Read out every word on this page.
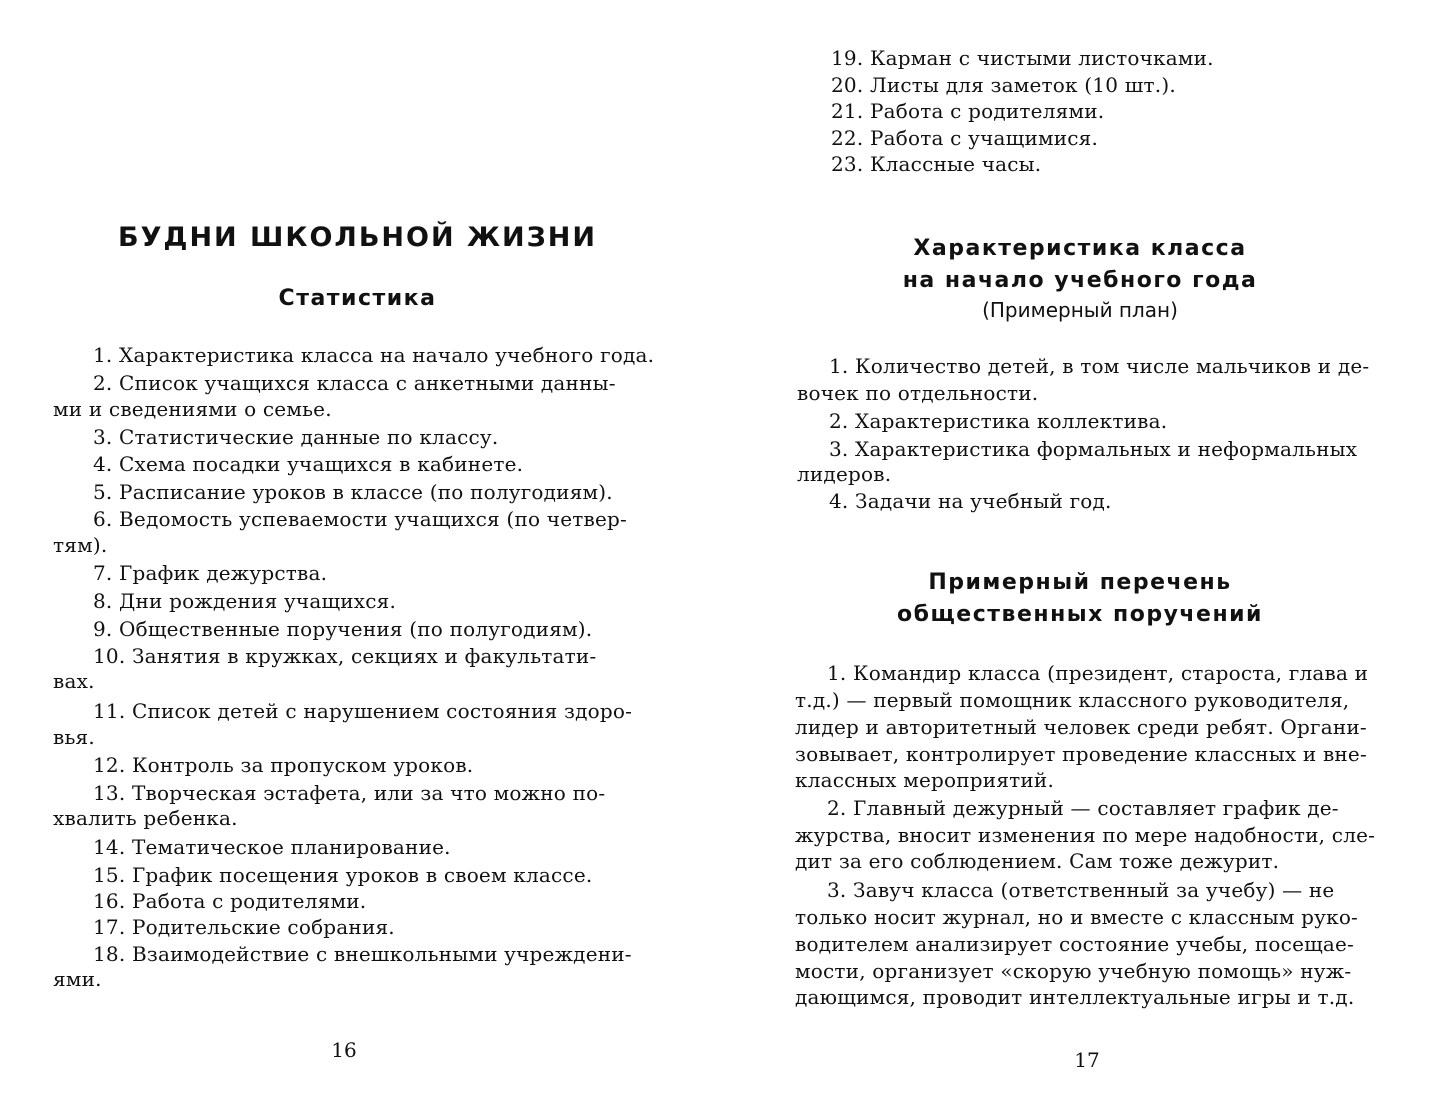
БУДНИ ШКОЛЬНОЙ ЖИЗНИ
Статистика
1. Характеристика класса на начало учебного года.
2. Список учащихся класса с анкетными данны-
ми и сведениями о семье.
3. Статистические данные по классу.
4. Схема посадки учащихся в кабинете.
5. Расписание уроков в классе (по полугодиям).
6. Ведомость успеваемости учащихся (по четвер-
тям).
7. График дежурства.
8. Дни рождения учащихся.
9. Общественные поручения (по полугодиям).
10. Занятия в кружках, секциях и факультати-
вах.
11. Список детей с нарушением состояния здоро-
вья.
12. Контроль за пропуском уроков.
13. Творческая эстафета, или за что можно по-
хвалить ребенка.
14. Тематическое планирование.
15. График посещения уроков в своем классе.
16. Работа с родителями.
17. Родительские собрания.
18. Взаимодействие с внешкольными учреждени-
ями.
16
19. Карман с чистыми листочками.
20. Листы для заметок (10 шт.).
21. Работа с родителями.
22. Работа с учащимися.
23. Классные часы.
Характеристика класса
на начало учебного года
(Примерный план)
1. Количество детей, в том числе мальчиков и де-
вочек по отдельности.
2. Характеристика коллектива.
3. Характеристика формальных и неформальных
лидеров.
4. Задачи на учебный год.
Примерный перечень
общественных поручений
1. Командир класса (президент, староста, глава и
т.д.) — первый помощник классного руководителя,
лидер и авторитетный человек среди ребят. Органи-
зовывает, контролирует проведение классных и вне-
классных мероприятий.
2. Главный дежурный — составляет график де-
журства, вносит изменения по мере надобности, сле-
дит за его соблюдением. Сам тоже дежурит.
3. Завуч класса (ответственный за учебу) — не
только носит журнал, но и вместе с классным руко-
водителем анализирует состояние учебы, посещае-
мости, организует «скорую учебную помощь» нуж-
дающимся, проводит интеллектуальные игры и т.д.
17
